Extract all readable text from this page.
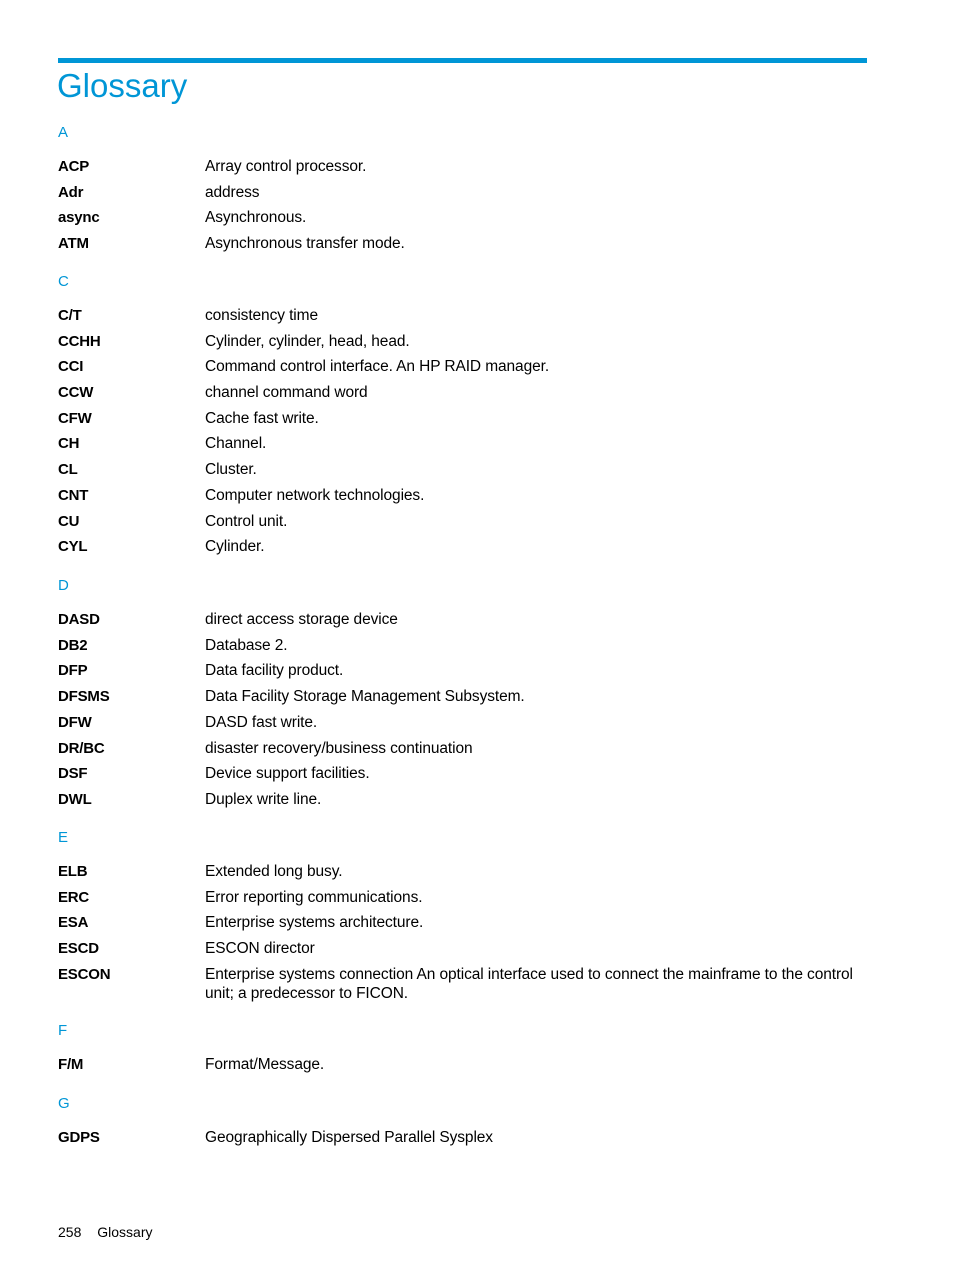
Glossary
A
ACP	Array control processor.
Adr	address
async	Asynchronous.
ATM	Asynchronous transfer mode.
C
C/T	consistency time
CCHH	Cylinder, cylinder, head, head.
CCI	Command control interface. An HP RAID manager.
CCW	channel command word
CFW	Cache fast write.
CH	Channel.
CL	Cluster.
CNT	Computer network technologies.
CU	Control unit.
CYL	Cylinder.
D
DASD	direct access storage device
DB2	Database 2.
DFP	Data facility product.
DFSMS	Data Facility Storage Management Subsystem.
DFW	DASD fast write.
DR/BC	disaster recovery/business continuation
DSF	Device support facilities.
DWL	Duplex write line.
E
ELB	Extended long busy.
ERC	Error reporting communications.
ESA	Enterprise systems architecture.
ESCD	ESCON director
ESCON	Enterprise systems connection An optical interface used to connect the mainframe to the control unit; a predecessor to FICON.
F
F/M	Format/Message.
G
GDPS	Geographically Dispersed Parallel Sysplex
258 Glossary
